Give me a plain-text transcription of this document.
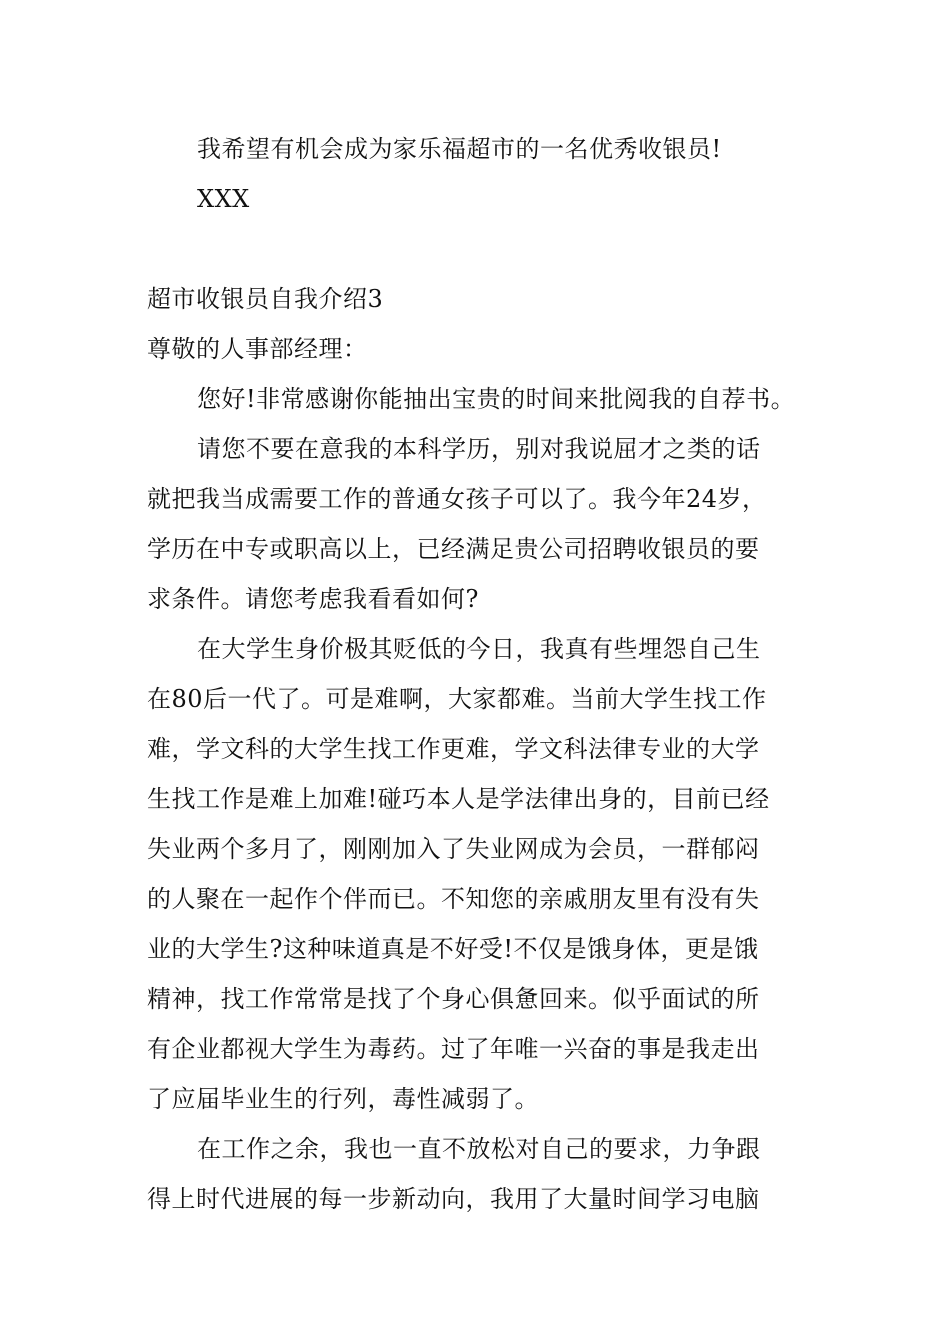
我希望有机会成为家乐福超市的一名优秀收银员!
XXX
超市收银员自我介绍3
尊敬的人事部经理：
您好!非常感谢你能抽出宝贵的时间来批阅我的自荐书。
请您不要在意我的本科学历，别对我说屈才之类的话
就把我当成需要工作的普通女孩子可以了。我今年24岁，
学历在中专或职高以上，已经满足贵公司招聘收银员的要
求条件。请您考虑我看看如何?
在大学生身价极其贬低的今日，我真有些埋怨自己生
在80后一代了。可是难啊，大家都难。当前大学生找工作
难，学文科的大学生找工作更难，学文科法律专业的大学
生找工作是难上加难!碰巧本人是学法律出身的，目前已经
失业两个多月了，刚刚加入了失业网成为会员，一群郁闷
的人聚在一起作个伴而已。不知您的亲戚朋友里有没有失
业的大学生?这种味道真是不好受!不仅是饿身体，更是饿
精神，找工作常常是找了个身心俱惫回来。似乎面试的所
有企业都视大学生为毒药。过了年唯一兴奋的事是我走出
了应届毕业生的行列，毒性减弱了。
在工作之余，我也一直不放松对自己的要求，力争跟
得上时代进展的每一步新动向，我用了大量时间学习电脑
